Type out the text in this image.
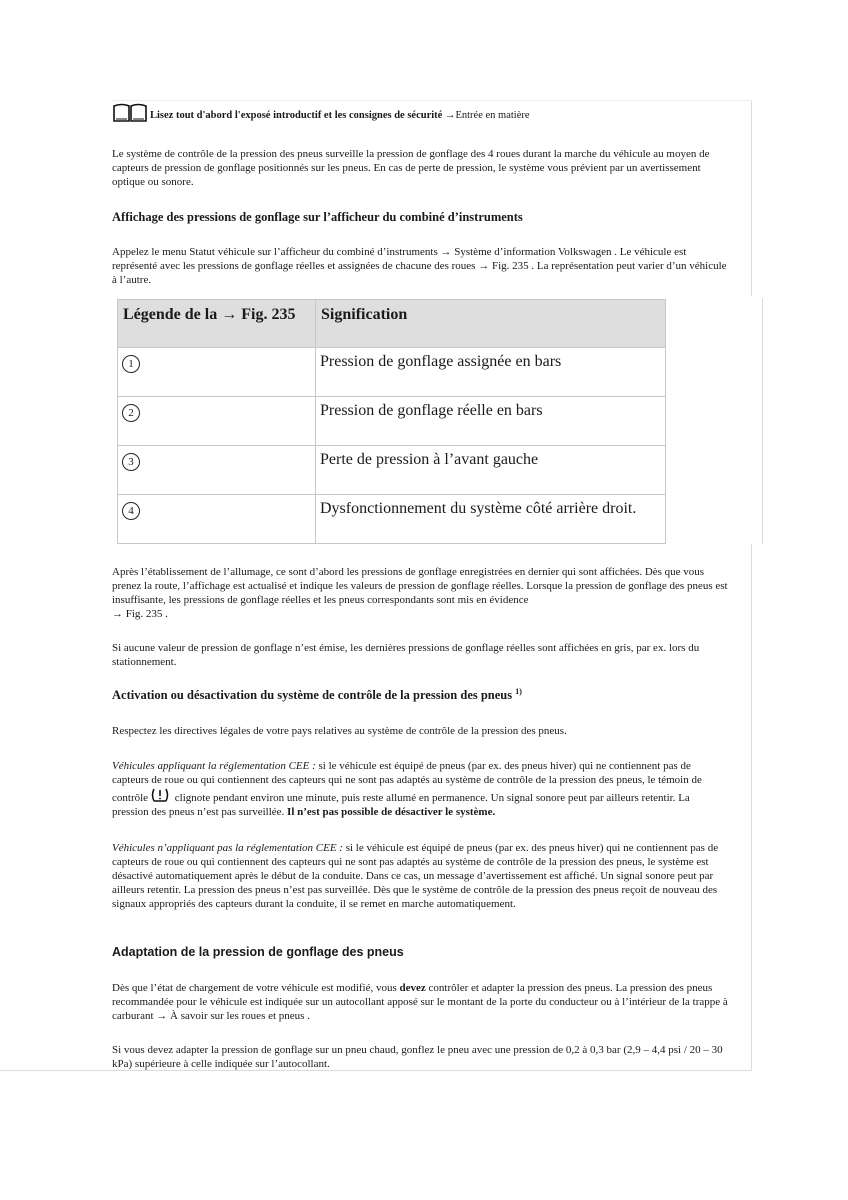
Lisez tout d'abord l'exposé introductif et les consignes de sécurité →Entrée en matière

Le système de contrôle de la pression des pneus surveille la pression de gonflage des 4 roues durant la marche du véhicule au moyen de capteurs de pression de gonflage positionnés sur les pneus. En cas de perte de pression, le système vous prévient par un avertissement optique ou sonore.

Affichage des pressions de gonflage sur l’afficheur du combiné d’instruments

Appelez le menu Statut véhicule sur l’afficheur du combiné d’instruments → Système d’information Volkswagen . Le véhicule est représenté avec les pressions de gonflage réelles et assignées de chacune des roues → Fig. 235 . La représentation peut varier d’un véhicule à l’autre.

Légende de la → Fig. 235	Signification
1	Pression de gonflage assignée en bars
2	Pression de gonflage réelle en bars
3	Perte de pression à l’avant gauche
4	Dysfonctionnement du système côté arrière droit.

Après l’établissement de l’allumage, ce sont d’abord les pressions de gonflage enregistrées en dernier qui sont affichées. Dès que vous prenez la route, l’affichage est actualisé et indique les valeurs de pression de gonflage réelles. Lorsque la pression de gonflage des pneus est insuffisante, les pressions de gonflage réelles et les pneus correspondants sont mis en évidence
→ Fig. 235 .

Si aucune valeur de pression de gonflage n’est émise, les dernières pressions de gonflage réelles sont affichées en gris, par ex. lors du stationnement.

Activation ou désactivation du système de contrôle de la pression des pneus $^{1)}$

Respectez les directives légales de votre pays relatives au système de contrôle de la pression des pneus.

Véhicules appliquant la réglementation CEE : si le véhicule est équipé de pneus (par ex. des pneus hiver) qui ne contiennent pas de capteurs de roue ou qui contiennent des capteurs qui ne sont pas adaptés au système de contrôle de la pression des pneus, le témoin de contrôle clignote pendant environ une minute, puis reste allumé en permanence. Un signal sonore peut par ailleurs retentir. La pression des pneus n’est pas surveillée. Il n’est pas possible de désactiver le système.

Véhicules n’appliquant pas la réglementation CEE : si le véhicule est équipé de pneus (par ex. des pneus hiver) qui ne contiennent pas de capteurs de roue ou qui contiennent des capteurs qui ne sont pas adaptés au système de contrôle de la pression des pneus, le système est désactivé automatiquement après le début de la conduite. Dans ce cas, un message d’avertissement est affiché. Un signal sonore peut par ailleurs retentir. La pression des pneus n’est pas surveillée. Dès que le système de contrôle de la pression des pneus reçoit de nouveau des signaux appropriés des capteurs durant la conduite, il se remet en marche automatiquement.

Adaptation de la pression de gonflage des pneus

Dès que l’état de chargement de votre véhicule est modifié, vous devez contrôler et adapter la pression des pneus. La pression des pneus recommandée pour le véhicule est indiquée sur un autocollant apposé sur le montant de la porte du conducteur ou à l’intérieur de la trappe à carburant → À savoir sur les roues et pneus .

Si vous devez adapter la pression de gonflage sur un pneu chaud, gonflez le pneu avec une pression de 0,2 à 0,3 bar (2,9 – 4,4 psi / 20 – 30 kPa) supérieure à celle indiquée sur l’autocollant.
